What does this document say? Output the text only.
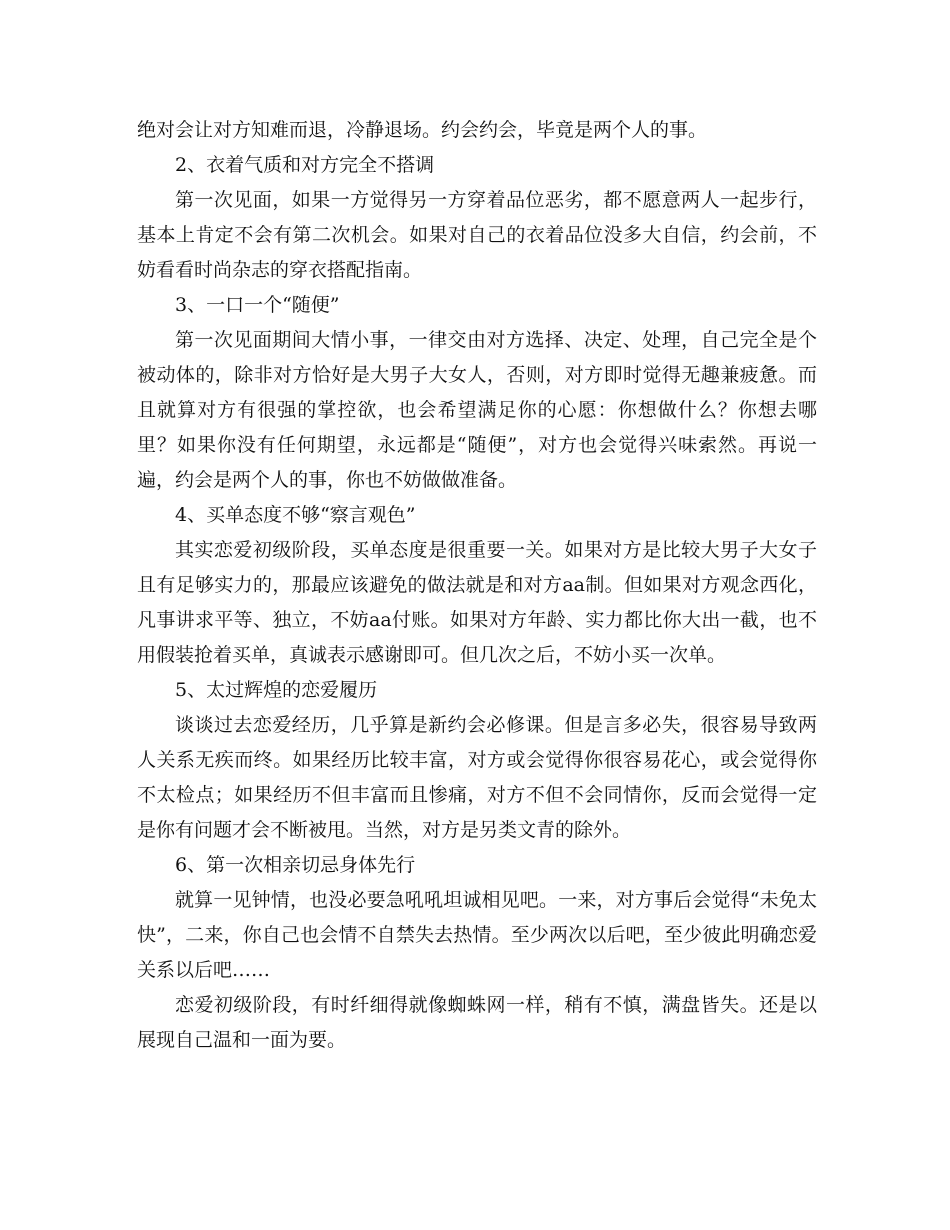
绝对会让对方知难而退，冷静退场。约会约会，毕竟是两个人的事。

2、衣着气质和对方完全不搭调

第一次见面，如果一方觉得另一方穿着品位恶劣，都不愿意两人一起步行，基本上肯定不会有第二次机会。如果对自己的衣着品位没多大自信，约会前，不妨看看时尚杂志的穿衣搭配指南。

3、一口一个“随便”

第一次见面期间大情小事，一律交由对方选择、决定、处理，自己完全是个被动体的，除非对方恰好是大男子大女人，否则，对方即时觉得无趣兼疲惫。而且就算对方有很强的掌控欲，也会希望满足你的心愿：你想做什么？你想去哪里？如果你没有任何期望，永远都是“随便”，对方也会觉得兴味索然。再说一遍，约会是两个人的事，你也不妨做做准备。

4、买单态度不够“察言观色”

其实恋爱初级阶段，买单态度是很重要一关。如果对方是比较大男子大女子且有足够实力的，那最应该避免的做法就是和对方aa制。但如果对方观念西化，凡事讲求平等、独立，不妨aa付账。如果对方年龄、实力都比你大出一截，也不用假装抢着买单，真诚表示感谢即可。但几次之后，不妨小买一次单。

5、太过辉煌的恋爱履历

谈谈过去恋爱经历，几乎算是新约会必修课。但是言多必失，很容易导致两人关系无疾而终。如果经历比较丰富，对方或会觉得你很容易花心，或会觉得你不太检点；如果经历不但丰富而且惨痛，对方不但不会同情你，反而会觉得一定是你有问题才会不断被甩。当然，对方是另类文青的除外。

6、第一次相亲切忌身体先行

就算一见钟情，也没必要急吼吼坦诚相见吧。一来，对方事后会觉得“未免太快”，二来，你自己也会情不自禁失去热情。至少两次以后吧，至少彼此明确恋爱关系以后吧……

恋爱初级阶段，有时纤细得就像蜘蛛网一样，稍有不慎，满盘皆失。还是以展现自己温和一面为要。
